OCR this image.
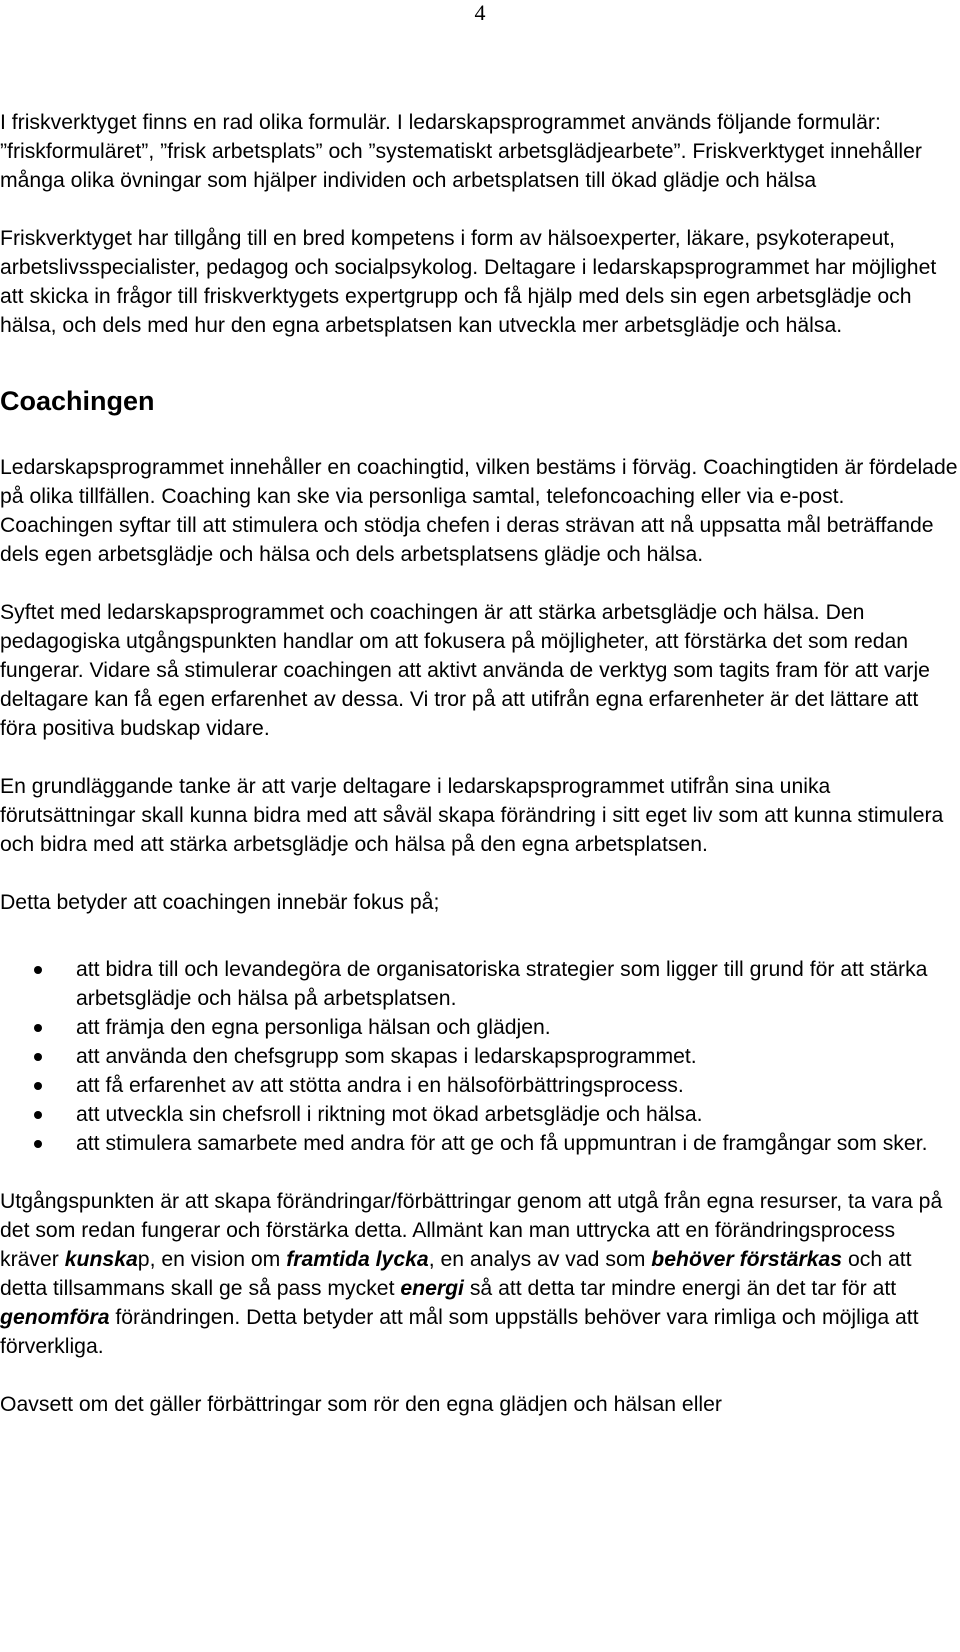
4

I friskverktyget finns en rad olika formulär. I ledarskapsprogrammet används följande formulär: ”friskformuläret”, ”frisk arbetsplats” och ”systematiskt arbetsglädjearbete”. Friskverktyget innehåller många olika övningar som hjälper individen och arbetsplatsen till ökad glädje och hälsa

Friskverktyget har tillgång till en bred kompetens i form av hälsoexperter, läkare, psykoterapeut, arbetslivsspecialister, pedagog och socialpsykolog. Deltagare i ledarskapsprogrammet har möjlighet att skicka in frågor till friskverktygets expertgrupp och få hjälp med dels sin egen arbetsglädje och hälsa, och dels med hur den egna arbetsplatsen kan utveckla mer arbetsglädje och hälsa.

Coachingen

Ledarskapsprogrammet innehåller en coachingtid, vilken bestäms i förväg. Coachingtiden är fördelade på olika tillfällen. Coaching kan ske via personliga samtal, telefoncoaching eller via e-post.

Coachingen syftar till att stimulera och stödja chefen i deras strävan att nå uppsatta mål beträffande dels egen arbetsglädje och hälsa och dels arbetsplatsens glädje och hälsa.

Syftet med ledarskapsprogrammet och coachingen är att stärka arbetsglädje och hälsa. Den pedagogiska utgångspunkten handlar om att fokusera på möjligheter, att förstärka det som redan fungerar. Vidare så stimulerar coachingen att aktivt använda de verktyg som tagits fram för att varje deltagare kan få egen erfarenhet av dessa. Vi tror på att utifrån egna erfarenheter är det lättare att föra positiva budskap vidare.

En grundläggande tanke är att varje deltagare i ledarskapsprogrammet utifrån sina unika förutsättningar skall kunna bidra med att såväl skapa förändring i sitt eget liv som att kunna stimulera och bidra med att stärka arbetsglädje och hälsa på den egna arbetsplatsen.

Detta betyder att coachingen innebär fokus på;

att bidra till och levandegöra de organisatoriska strategier som ligger till grund för att stärka arbetsglädje och hälsa på arbetsplatsen.
att främja den egna personliga hälsan och glädjen.
att använda den chefsgrupp som skapas i ledarskapsprogrammet.
att få erfarenhet av att stötta andra i en hälsoförbättringsprocess.
att utveckla sin chefsroll i riktning mot ökad arbetsglädje och hälsa.
att stimulera samarbete med andra för att ge och få uppmuntran i de framgångar som sker.

Utgångspunkten är att skapa förändringar/förbättringar genom att utgå från egna resurser, ta vara på det som redan fungerar och förstärka detta. Allmänt kan man uttrycka att en förändringsprocess kräver kunskap, en vision om framtida lycka, en analys av vad som behöver förstärkas och att detta tillsammans skall ge så pass mycket energi så att detta tar mindre energi än det tar för att genomföra förändringen. Detta betyder att mål som uppställs behöver vara rimliga och möjliga att förverkliga.

Oavsett om det gäller förbättringar som rör den egna glädjen och hälsan eller
